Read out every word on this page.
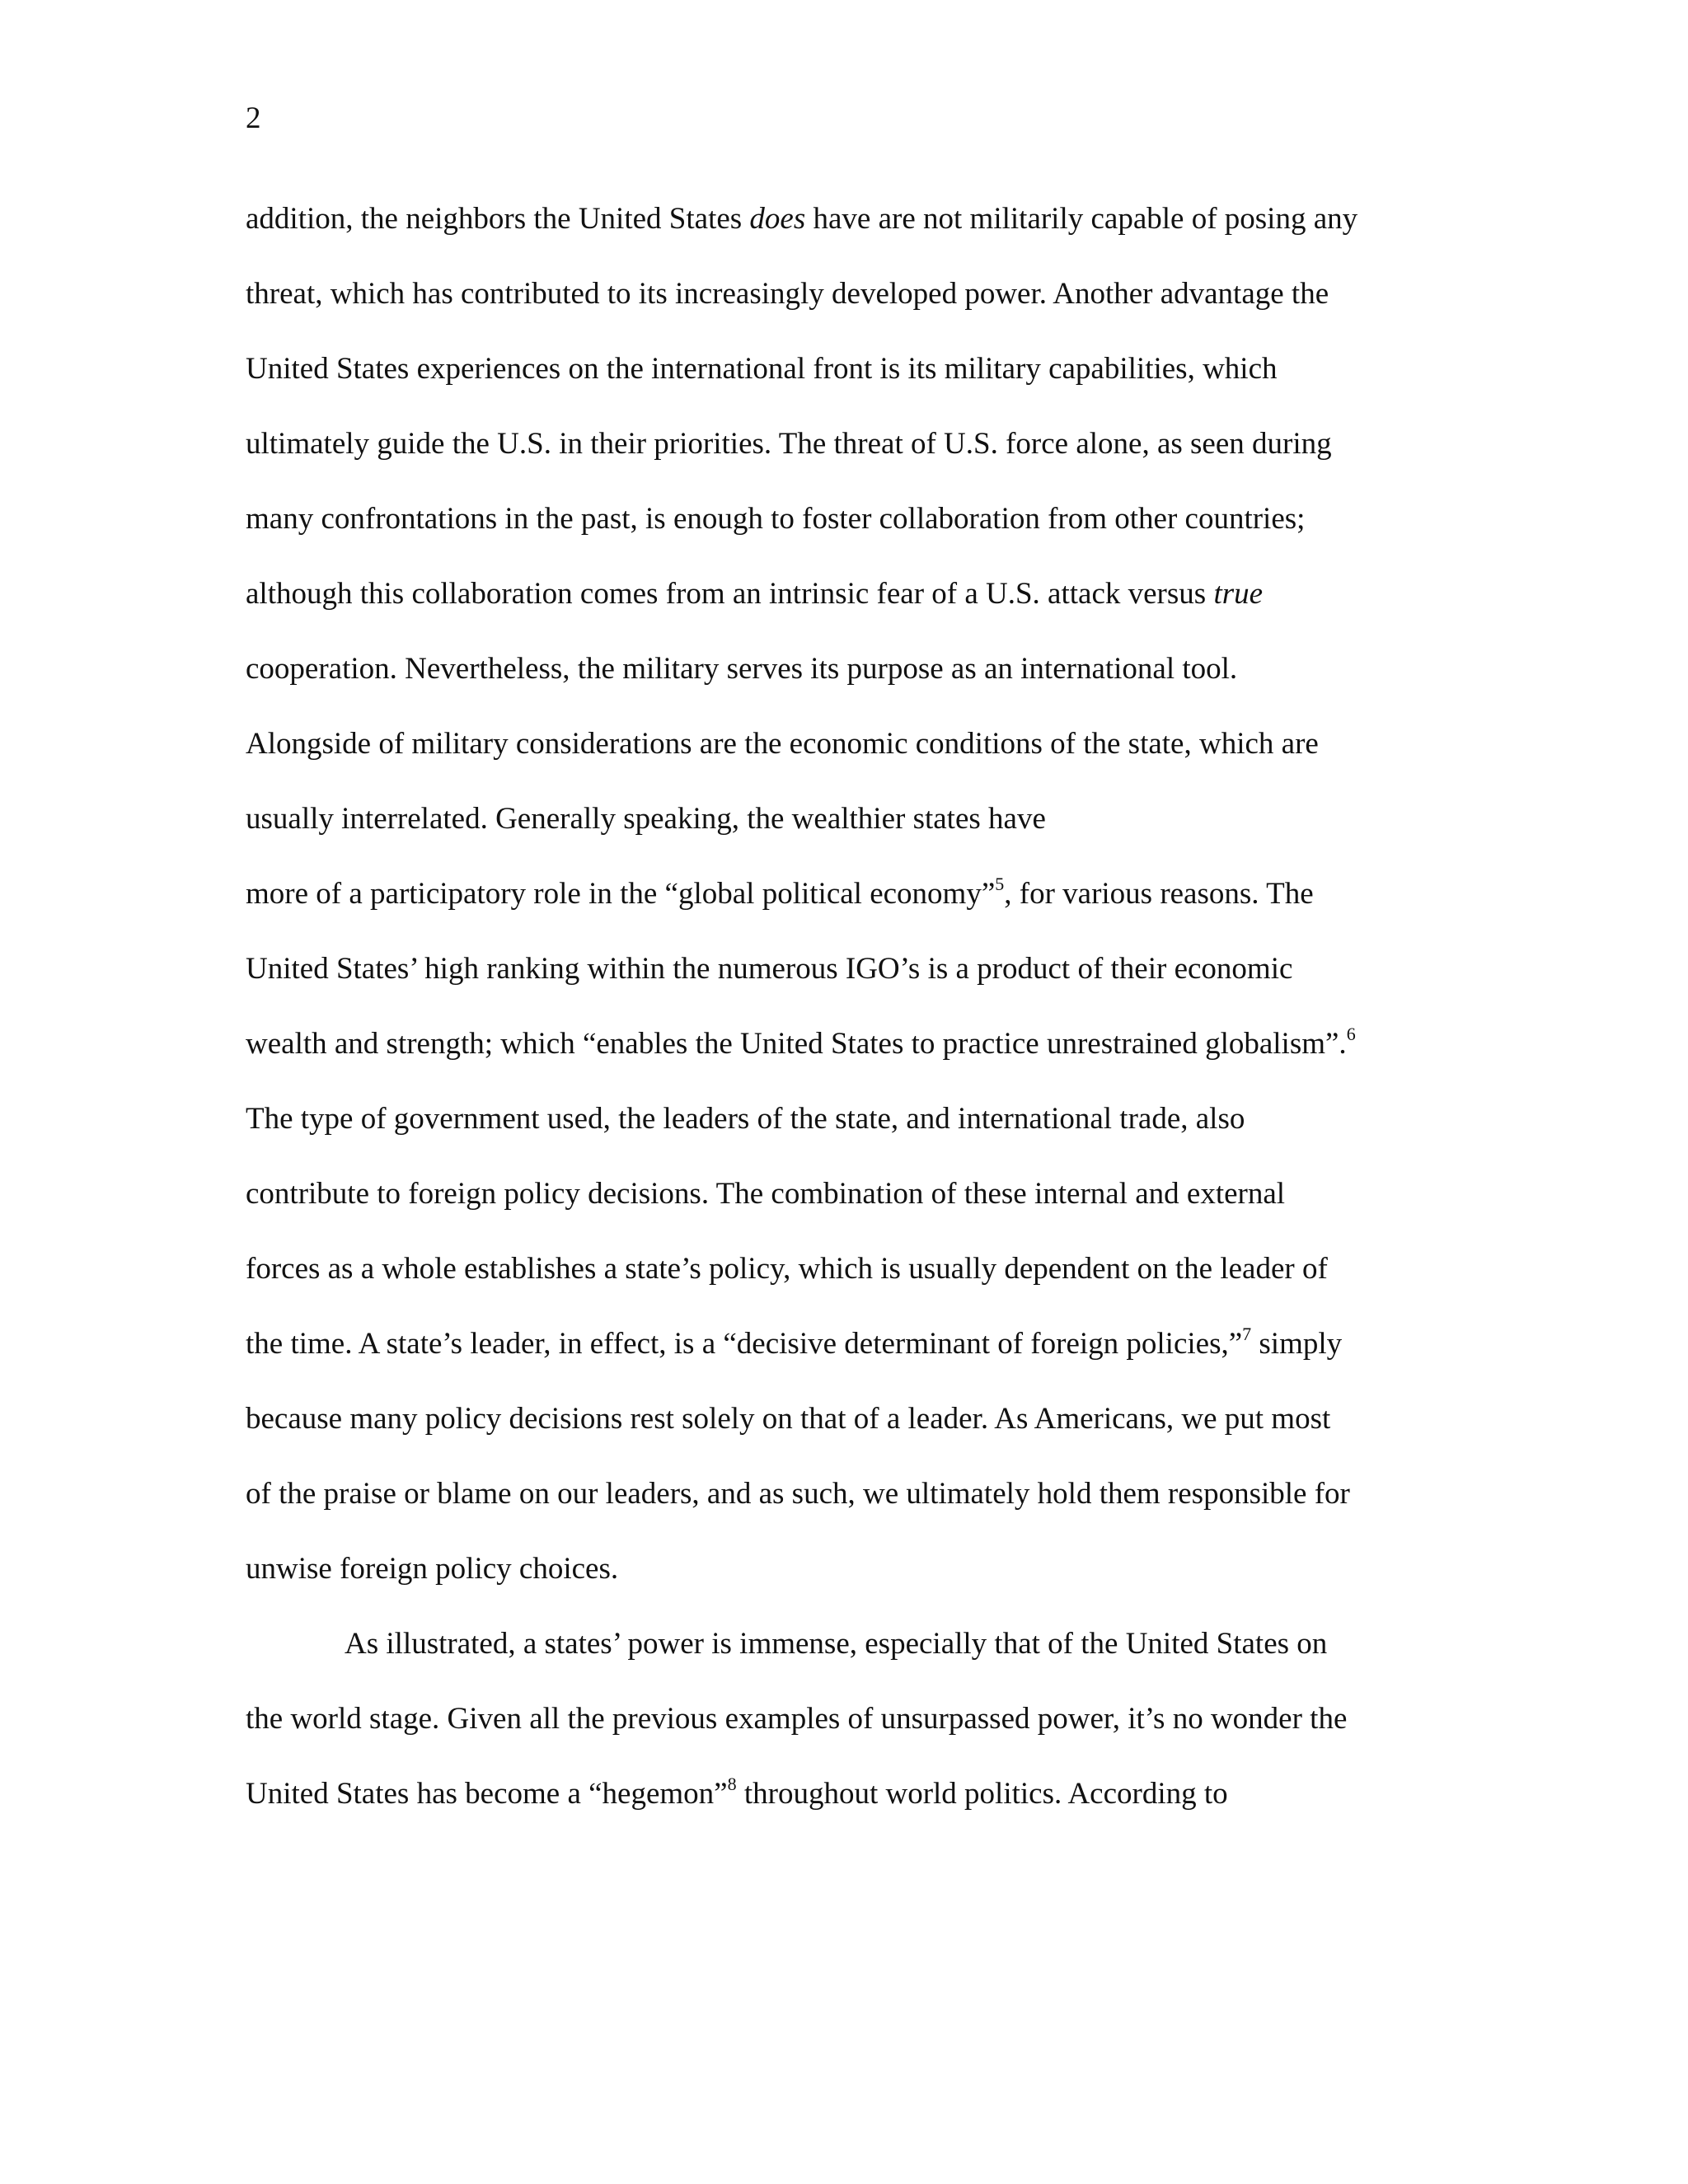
2
addition, the neighbors the United States does have are not militarily capable of posing any
threat, which has contributed to its increasingly developed power. Another advantage the
United States experiences on the international front is its military capabilities, which
ultimately guide the U.S. in their priorities. The threat of U.S. force alone, as seen during
many confrontations in the past, is enough to foster collaboration from other countries;
although this collaboration comes from an intrinsic fear of a U.S. attack versus true
cooperation. Nevertheless, the military serves its purpose as an international tool.
Alongside of military considerations are the economic conditions of the state, which are
usually interrelated. Generally speaking, the wealthier states have
more of a participatory role in the “global political economy”$^5$, for various reasons. The
United States’ high ranking within the numerous IGO’s is a product of their economic
wealth and strength; which “enables the United States to practice unrestrained globalism”.$^6$
The type of government used, the leaders of the state, and international trade, also
contribute to foreign policy decisions. The combination of these internal and external
forces as a whole establishes a state’s policy, which is usually dependent on the leader of
the time. A state’s leader, in effect, is a “decisive determinant of foreign policies,”$^7$ simply
because many policy decisions rest solely on that of a leader. As Americans, we put most
of the praise or blame on our leaders, and as such, we ultimately hold them responsible for
unwise foreign policy choices.
As illustrated, a states’ power is immense, especially that of the United States on
the world stage. Given all the previous examples of unsurpassed power, it’s no wonder the
United States has become a “hegemon”$^8$ throughout world politics. According to
